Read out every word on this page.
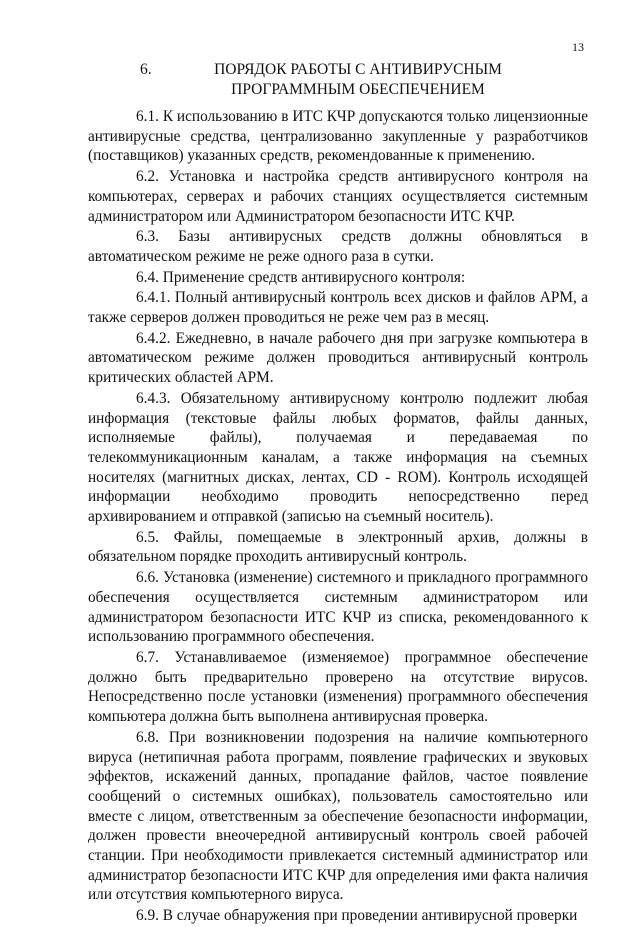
13
6.	ПОРЯДОК РАБОТЫ С АНТИВИРУСНЫМ ПРОГРАММНЫМ ОБЕСПЕЧЕНИЕМ

6.1. К использованию в ИТС КЧР допускаются только лицензионные антивирусные средства, централизованно закупленные у разработчиков (поставщиков) указанных средств, рекомендованные к применению.

6.2. Установка и настройка средств антивирусного контроля на компьютерах, серверах и рабочих станциях осуществляется системным администратором или Администратором безопасности ИТС КЧР.

6.3. Базы антивирусных средств должны обновляться в автоматическом режиме не реже одного раза в сутки.

6.4. Применение средств антивирусного контроля:

6.4.1. Полный антивирусный контроль всех дисков и файлов АРМ, а также серверов должен проводиться не реже чем раз в месяц.

6.4.2. Ежедневно, в начале рабочего дня при загрузке компьютера в автоматическом режиме должен проводиться антивирусный контроль критических областей АРМ.

6.4.3. Обязательному антивирусному контролю подлежит любая информация (текстовые файлы любых форматов, файлы данных, исполняемые файлы), получаемая и передаваемая по телекоммуникационным каналам, а также информация на съемных носителях (магнитных дисках, лентах, CD - ROM). Контроль исходящей информации необходимо проводить непосредственно перед архивированием и отправкой (записью на съемный носитель).

6.5. Файлы, помещаемые в электронный архив, должны в обязательном порядке проходить антивирусный контроль.

6.6. Установка (изменение) системного и прикладного программного обеспечения осуществляется системным администратором или администратором безопасности ИТС КЧР из списка, рекомендованного к использованию программного обеспечения.

6.7. Устанавливаемое (изменяемое) программное обеспечение должно быть предварительно проверено на отсутствие вирусов. Непосредственно после установки (изменения) программного обеспечения компьютера должна быть выполнена антивирусная проверка.

6.8. При возникновении подозрения на наличие компьютерного вируса (нетипичная работа программ, появление графических и звуковых эффектов, искажений данных, пропадание файлов, частое появление сообщений о системных ошибках), пользователь самостоятельно или вместе с лицом, ответственным за обеспечение безопасности информации, должен провести внеочередной антивирусный контроль своей рабочей станции. При необходимости привлекается системный администратор или администратор безопасности ИТС КЧР для определения ими факта наличия или отсутствия компьютерного вируса.

6.9. В случае обнаружения при проведении антивирусной проверки
